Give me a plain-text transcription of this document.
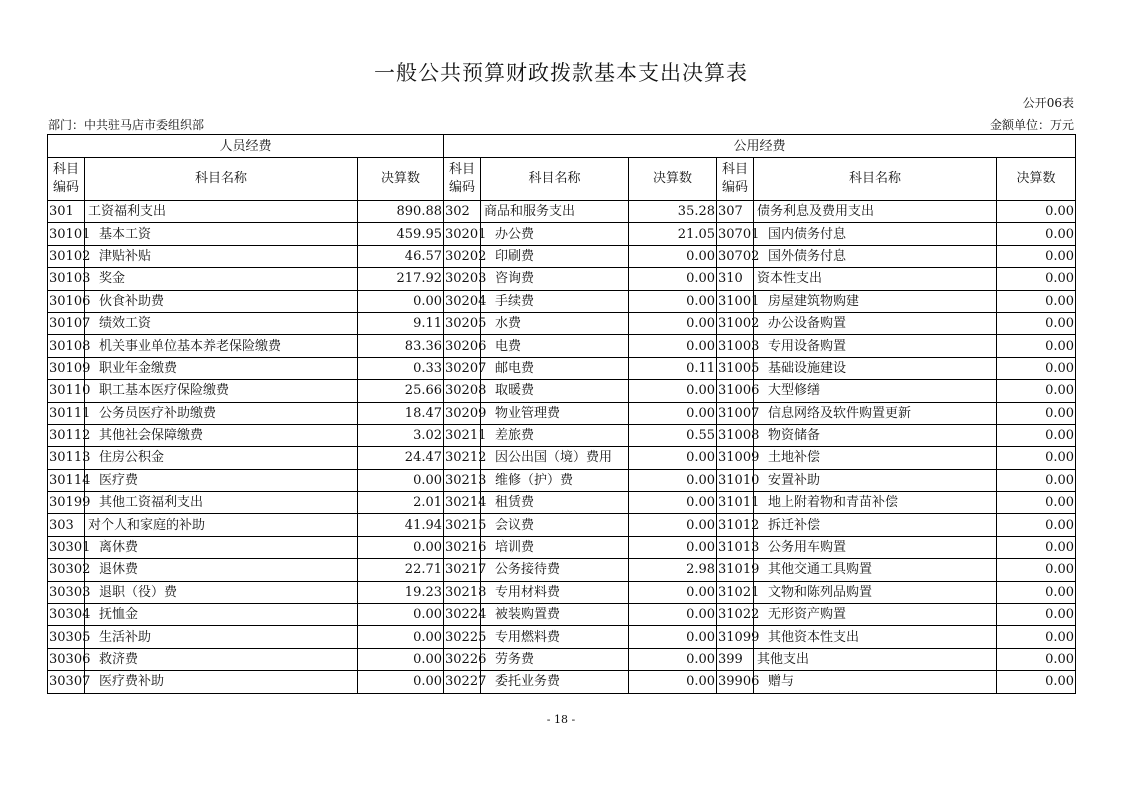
一般公共预算财政拨款基本支出决算表
公开06表
部门：中共驻马店市委组织部	金额单位：万元
人员经费			公用经费					
科目编码	科目名称	决算数	科目编码	科目名称	决算数	科目编码	科目名称	决算数
301	工资福利支出	890.88	302	商品和服务支出	35.28	307	债务利息及费用支出	0.00
30101	基本工资	459.95	30201	办公费	21.05	30701	国内债务付息	0.00
30102	津贴补贴	46.57	30202	印刷费	0.00	30702	国外债务付息	0.00
30103	奖金	217.92	30203	咨询费	0.00	310	资本性支出	0.00
30106	伙食补助费	0.00	30204	手续费	0.00	31001	房屋建筑物购建	0.00
30107	绩效工资	9.11	30205	水费	0.00	31002	办公设备购置	0.00
30108	机关事业单位基本养老保险缴费	83.36	30206	电费	0.00	31003	专用设备购置	0.00
30109	职业年金缴费	0.33	30207	邮电费	0.11	31005	基础设施建设	0.00
30110	职工基本医疗保险缴费	25.66	30208	取暖费	0.00	31006	大型修缮	0.00
30111	公务员医疗补助缴费	18.47	30209	物业管理费	0.00	31007	信息网络及软件购置更新	0.00
30112	其他社会保障缴费	3.02	30211	差旅费	0.55	31008	物资储备	0.00
30113	住房公积金	24.47	30212	因公出国（境）费用	0.00	31009	土地补偿	0.00
30114	医疗费	0.00	30213	维修（护）费	0.00	31010	安置补助	0.00
30199	其他工资福利支出	2.01	30214	租赁费	0.00	31011	地上附着物和青苗补偿	0.00
303	对个人和家庭的补助	41.94	30215	会议费	0.00	31012	拆迁补偿	0.00
30301	离休费	0.00	30216	培训费	0.00	31013	公务用车购置	0.00
30302	退休费	22.71	30217	公务接待费	2.98	31019	其他交通工具购置	0.00
30303	退职（役）费	19.23	30218	专用材料费	0.00	31021	文物和陈列品购置	0.00
30304	抚恤金	0.00	30224	被装购置费	0.00	31022	无形资产购置	0.00
30305	生活补助	0.00	30225	专用燃料费	0.00	31099	其他资本性支出	0.00
30306	救济费	0.00	30226	劳务费	0.00	399	其他支出	0.00
30307	医疗费补助	0.00	30227	委托业务费	0.00	39906	赠与	0.00
- 18 -
